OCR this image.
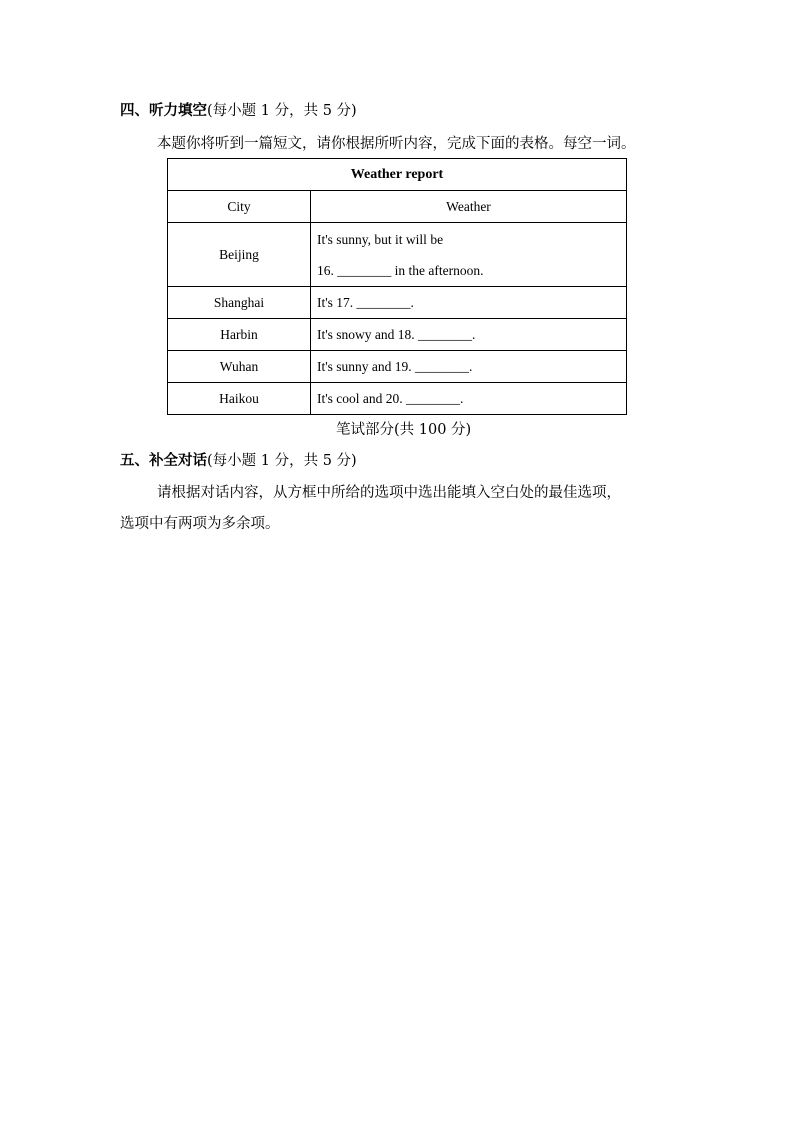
四、听力填空(每小题 1 分，共 5 分)
本题你将听到一篇短文，请你根据所听内容，完成下面的表格。每空一词。
Weather report	
City	Weather
Beijing	It's sunny, but it will be
16. ________ in the afternoon.

Shanghai	It's 17. ________.
Harbin	It's snowy and 18. ________.
Wuhan	It's sunny and 19. ________.
Haikou	It's cool and 20. ________.
笔试部分(共 100 分)
五、补全对话(每小题 1 分，共 5 分)
请根据对话内容，从方框中所给的选项中选出能填入空白处的最佳选项，
选项中有两项为多余项。
